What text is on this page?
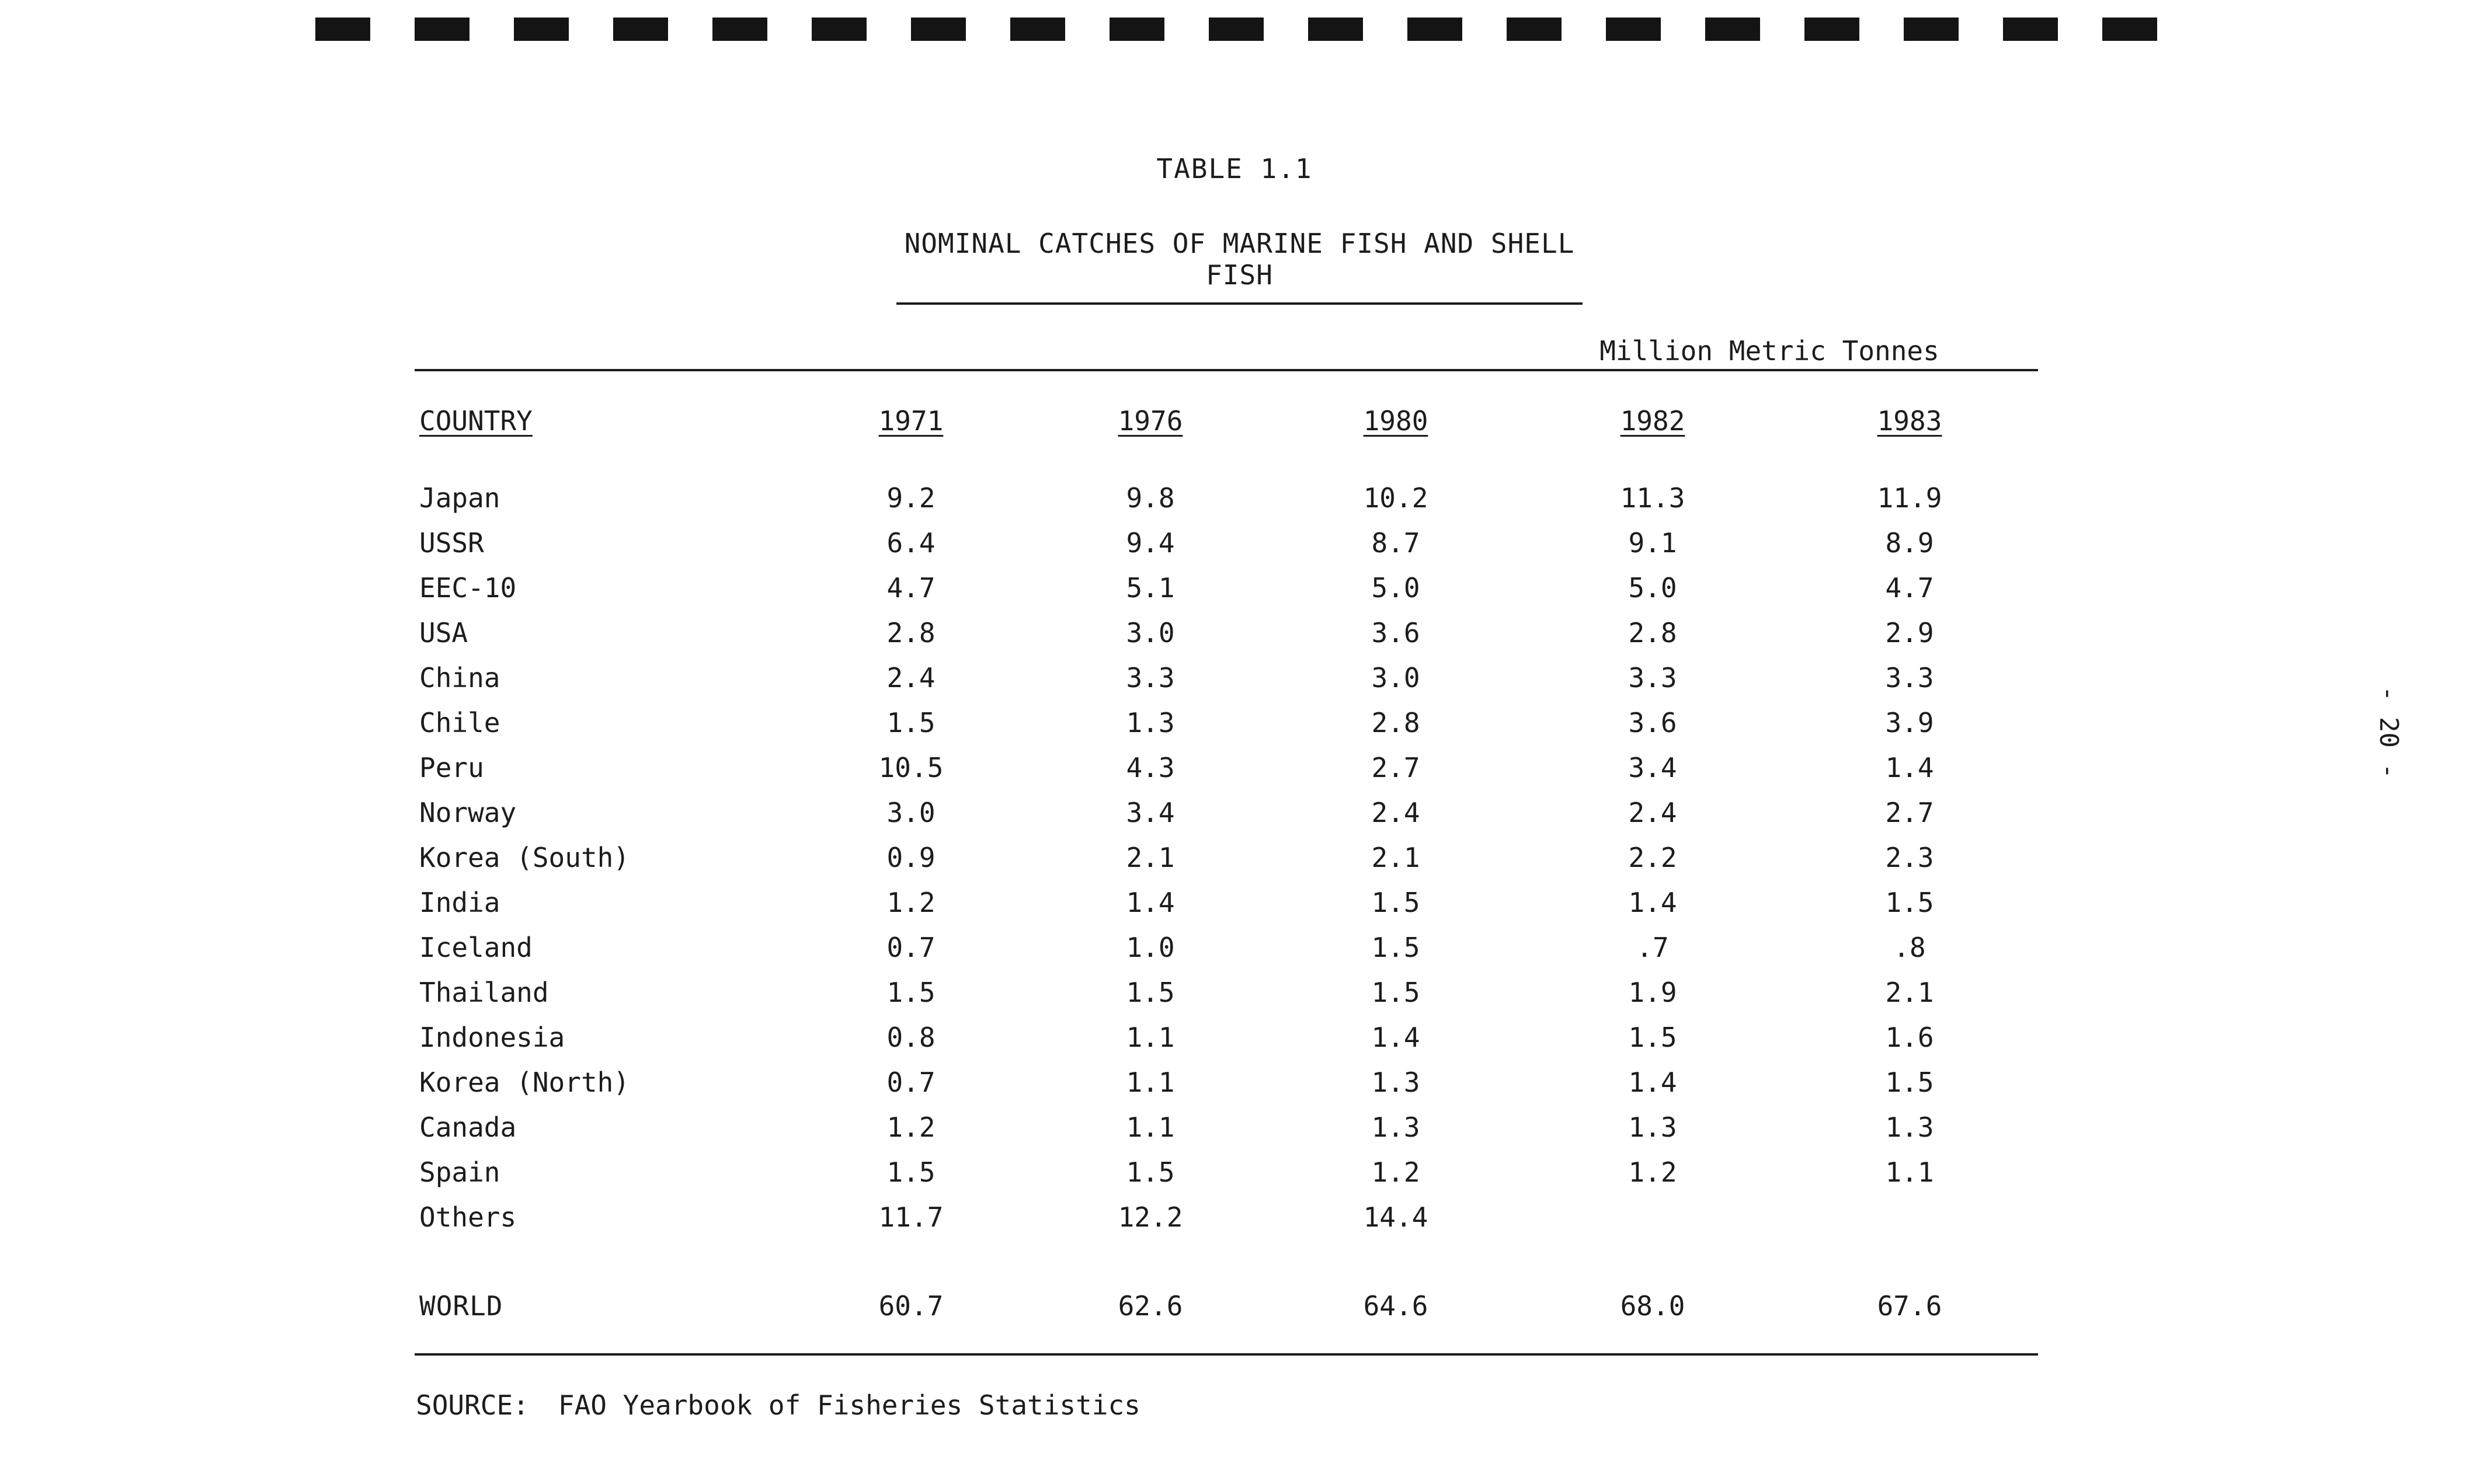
TABLE 1.1
NOMINAL CATCHES OF MARINE FISH AND SHELL FISH
Million Metric Tonnes
COUNTRY	1971	1976	1980	1982	1983
Japan	9.2	9.8	10.2	11.3	11.9
USSR	6.4	9.4	8.7	9.1	8.9
EEC-10	4.7	5.1	5.0	5.0	4.7
USA	2.8	3.0	3.6	2.8	2.9
China	2.4	3.3	3.0	3.3	3.3
Chile	1.5	1.3	2.8	3.6	3.9
Peru	10.5	4.3	2.7	3.4	1.4
Norway	3.0	3.4	2.4	2.4	2.7
Korea (South)	0.9	2.1	2.1	2.2	2.3
India	1.2	1.4	1.5	1.4	1.5
Iceland	0.7	1.0	1.5	.7	.8
Thailand	1.5	1.5	1.5	1.9	2.1
Indonesia	0.8	1.1	1.4	1.5	1.6
Korea (North)	0.7	1.1	1.3	1.4	1.5
Canada	1.2	1.1	1.3	1.3	1.3
Spain	1.5	1.5	1.2	1.2	1.1
Others	11.7	12.2	14.4
WORLD	60.7	62.6	64.6	68.0	67.6
SOURCE: FAO Yearbook of Fisheries Statistics
- 20 -
